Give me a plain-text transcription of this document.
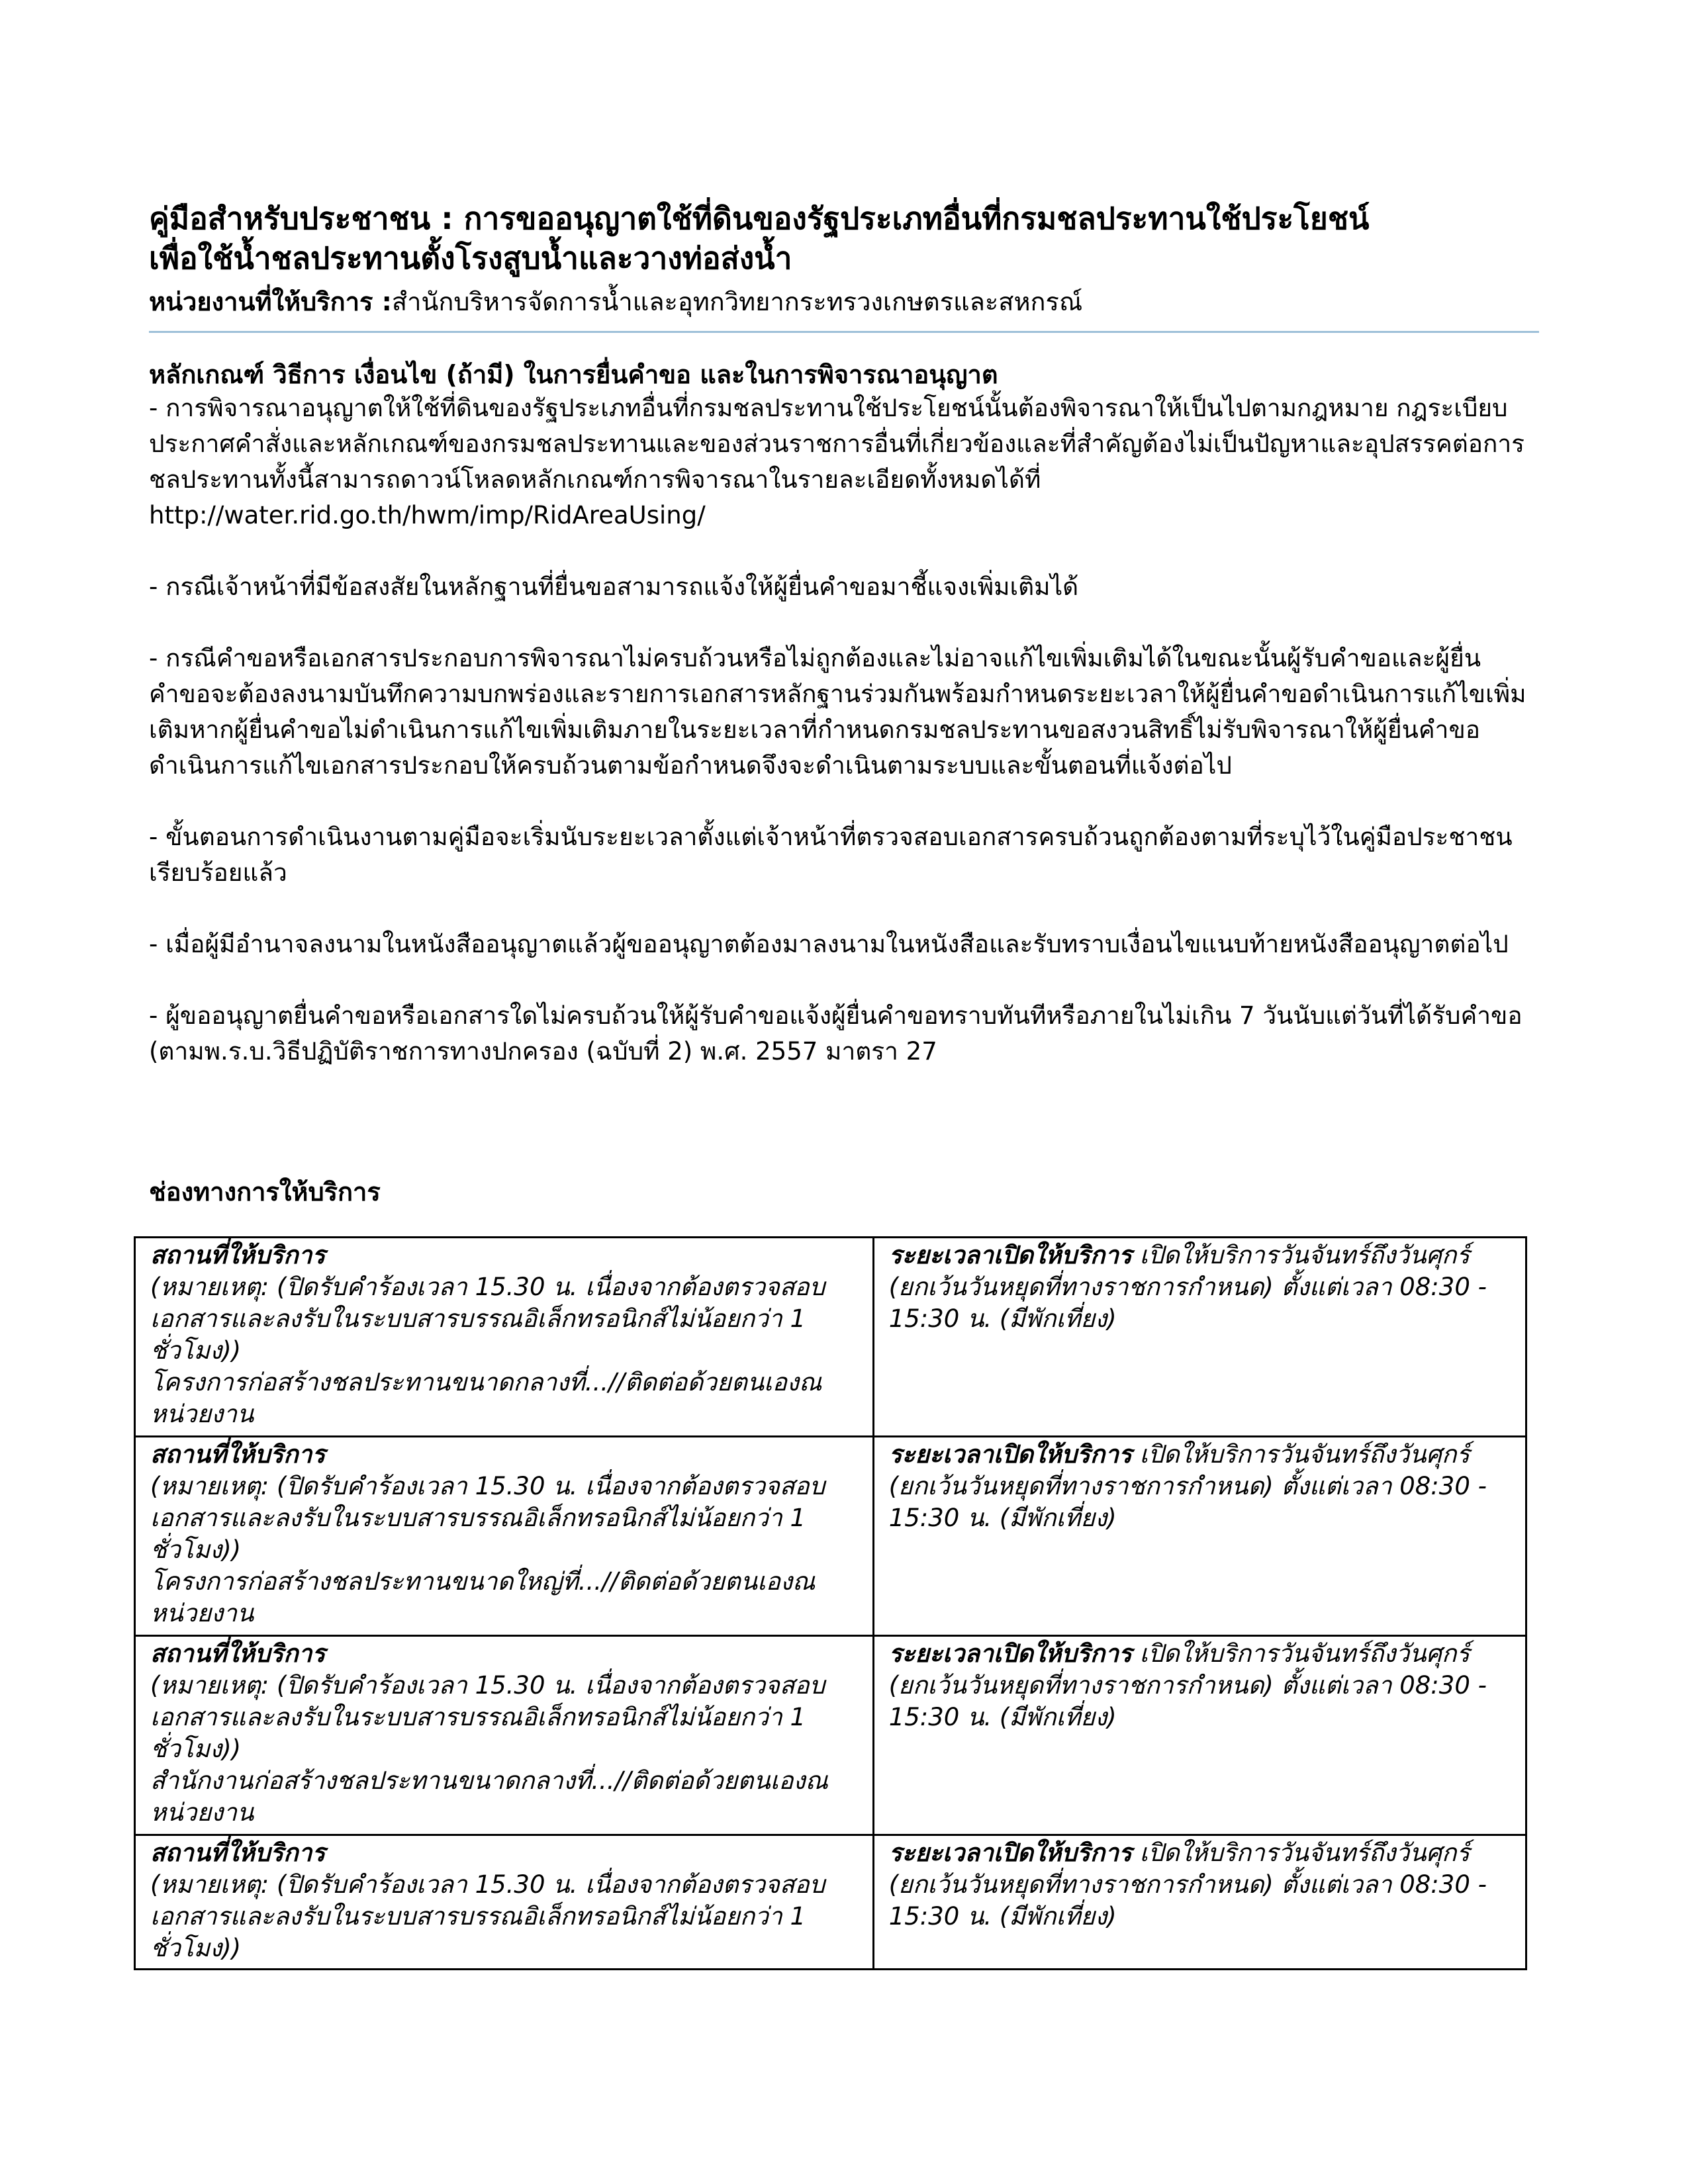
คู่มือสำหรับประชาชน : การขออนุญาตใช้ที่ดินของรัฐประเภทอื่นที่กรมชลประทานใช้ประโยชน์
เพื่อใช้น้ำชลประทานตั้งโรงสูบน้ำและวางท่อส่งน้ำ
หน่วยงานที่ให้บริการ :สำนักบริหารจัดการน้ำและอุทกวิทยากระทรวงเกษตรและสหกรณ์
หลักเกณฑ์ วิธีการ เงื่อนไข (ถ้ามี) ในการยื่นคำขอ และในการพิจารณาอนุญาต

- การพิจารณาอนุญาตให้ใช้ที่ดินของรัฐประเภทอื่นที่กรมชลประทานใช้ประโยชน์นั้นต้องพิจารณาให้เป็นไปตามกฎหมาย กฎระเบียบประกาศคำสั่งและหลักเกณฑ์ของกรมชลประทานและของส่วนราชการอื่นที่เกี่ยวข้องและที่สำคัญต้องไม่เป็นปัญหาและอุปสรรคต่อการชลประทานทั้งนี้สามารถดาวน์โหลดหลักเกณฑ์การพิจารณาในรายละเอียดทั้งหมดได้ที่

http://water.rid.go.th/hwm/imp/RidAreaUsing/

- กรณีเจ้าหน้าที่มีข้อสงสัยในหลักฐานที่ยื่นขอสามารถแจ้งให้ผู้ยื่นคำขอมาชี้แจงเพิ่มเติมได้

- กรณีคำขอหรือเอกสารประกอบการพิจารณาไม่ครบถ้วนหรือไม่ถูกต้องและไม่อาจแก้ไขเพิ่มเติมได้ในขณะนั้นผู้รับคำขอและผู้ยื่นคำขอจะต้องลงนามบันทึกความบกพร่องและรายการเอกสารหลักฐานร่วมกันพร้อมกำหนดระยะเวลาให้ผู้ยื่นคำขอดำเนินการแก้ไขเพิ่มเติมหากผู้ยื่นคำขอไม่ดำเนินการแก้ไขเพิ่มเติมภายในระยะเวลาที่กำหนดกรมชลประทานขอสงวนสิทธิ์ไม่รับพิจารณาให้ผู้ยื่นคำขอดำเนินการแก้ไขเอกสารประกอบให้ครบถ้วนตามข้อกำหนดจึงจะดำเนินตามระบบและขั้นตอนที่แจ้งต่อไป

- ขั้นตอนการดำเนินงานตามคู่มือจะเริ่มนับระยะเวลาตั้งแต่เจ้าหน้าที่ตรวจสอบเอกสารครบถ้วนถูกต้องตามที่ระบุไว้ในคู่มือประชาชนเรียบร้อยแล้ว

- เมื่อผู้มีอำนาจลงนามในหนังสืออนุญาตแล้วผู้ขออนุญาตต้องมาลงนามในหนังสือและรับทราบเงื่อนไขแนบท้ายหนังสืออนุญาตต่อไป

- ผู้ขออนุญาตยื่นคำขอหรือเอกสารใดไม่ครบถ้วนให้ผู้รับคำขอแจ้งผู้ยื่นคำขอทราบทันทีหรือภายในไม่เกิน 7 วันนับแต่วันที่ได้รับคำขอ (ตามพ.ร.บ.วิธีปฏิบัติราชการทางปกครอง (ฉบับที่ 2) พ.ศ. 2557 มาตรา 27

ช่องทางการให้บริการ
สถานที่ให้บริการ
(หมายเหตุ: (ปิดรับคำร้องเวลา 15.30 น. เนื่องจากต้องตรวจสอบเอกสารและลงรับในระบบสารบรรณอิเล็กทรอนิกส์ไม่น้อยกว่า 1 ชั่วโมง))
โครงการก่อสร้างชลประทานขนาดกลางที่...//ติดต่อด้วยตนเองณหน่วยงาน	ระยะเวลาเปิดให้บริการ เปิดให้บริการวันจันทร์ถึงวันศุกร์ (ยกเว้นวันหยุดที่ทางราชการกำหนด) ตั้งแต่เวลา 08:30 - 15:30 น. (มีพักเที่ยง)

สถานที่ให้บริการ
(หมายเหตุ: (ปิดรับคำร้องเวลา 15.30 น. เนื่องจากต้องตรวจสอบเอกสารและลงรับในระบบสารบรรณอิเล็กทรอนิกส์ไม่น้อยกว่า 1 ชั่วโมง))
โครงการก่อสร้างชลประทานขนาดใหญ่ที่...//ติดต่อด้วยตนเองณหน่วยงาน	ระยะเวลาเปิดให้บริการ เปิดให้บริการวันจันทร์ถึงวันศุกร์ (ยกเว้นวันหยุดที่ทางราชการกำหนด) ตั้งแต่เวลา 08:30 - 15:30 น. (มีพักเที่ยง)

สถานที่ให้บริการ
(หมายเหตุ: (ปิดรับคำร้องเวลา 15.30 น. เนื่องจากต้องตรวจสอบเอกสารและลงรับในระบบสารบรรณอิเล็กทรอนิกส์ไม่น้อยกว่า 1 ชั่วโมง))
สำนักงานก่อสร้างชลประทานขนาดกลางที่...//ติดต่อด้วยตนเองณหน่วยงาน	ระยะเวลาเปิดให้บริการ เปิดให้บริการวันจันทร์ถึงวันศุกร์ (ยกเว้นวันหยุดที่ทางราชการกำหนด) ตั้งแต่เวลา 08:30 - 15:30 น. (มีพักเที่ยง)

สถานที่ให้บริการ
(หมายเหตุ: (ปิดรับคำร้องเวลา 15.30 น. เนื่องจากต้องตรวจสอบเอกสารและลงรับในระบบสารบรรณอิเล็กทรอนิกส์ไม่น้อยกว่า 1 ชั่วโมง))	ระยะเวลาเปิดให้บริการ เปิดให้บริการวันจันทร์ถึงวันศุกร์ (ยกเว้นวันหยุดที่ทางราชการกำหนด) ตั้งแต่เวลา 08:30 - 15:30 น. (มีพักเที่ยง)
